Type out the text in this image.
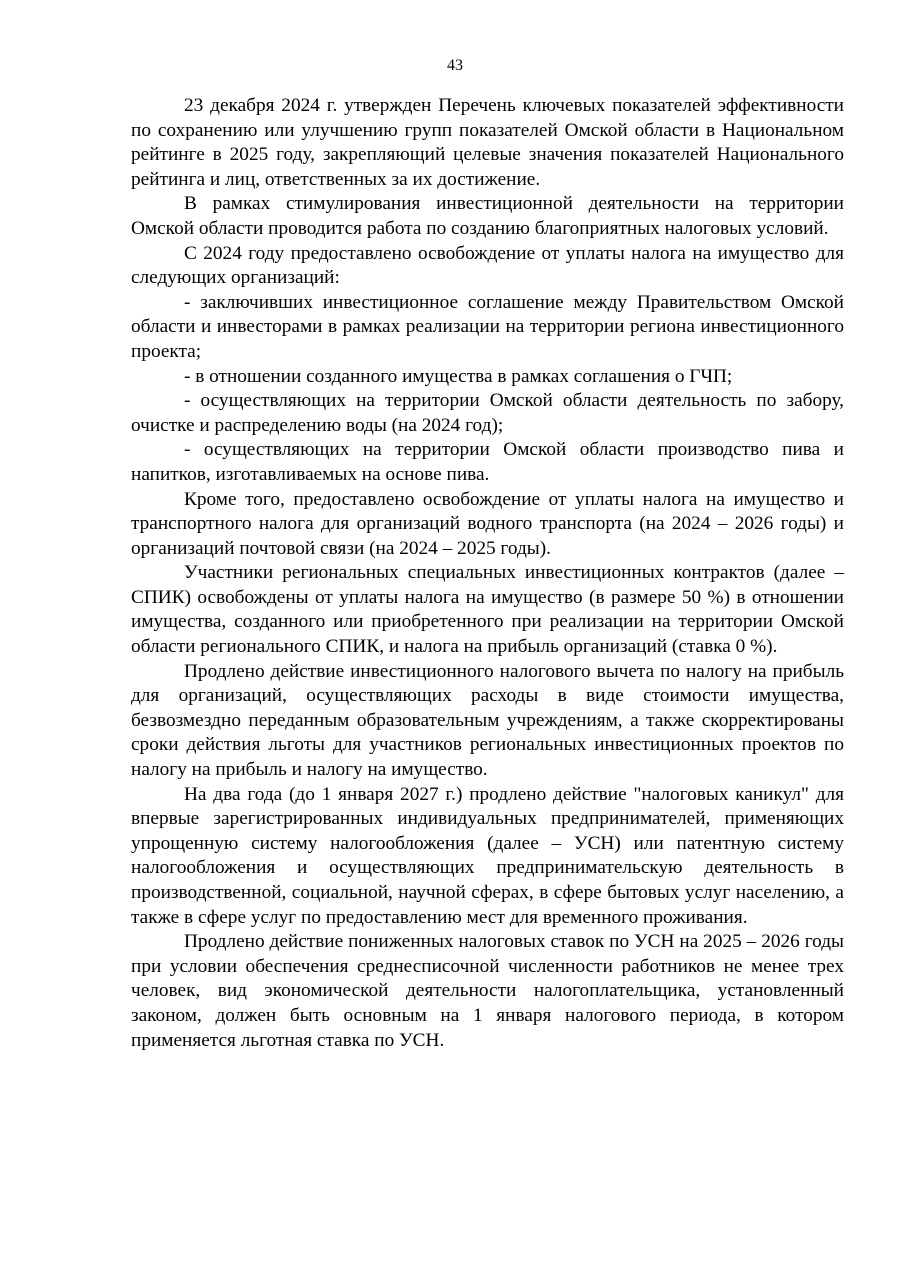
43

23 декабря 2024 г. утвержден Перечень ключевых показателей эффективности по сохранению или улучшению групп показателей Омской области в Национальном рейтинге в 2025 году, закрепляющий целевые значения показателей Национального рейтинга и лиц, ответственных за их достижение.

В рамках стимулирования инвестиционной деятельности на территории Омской области проводится работа по созданию благоприятных налоговых условий.

С 2024 году предоставлено освобождение от уплаты налога на имущество для следующих организаций:

- заключивших инвестиционное соглашение между Правительством Омской области и инвесторами в рамках реализации на территории региона инвестиционного проекта;

- в отношении созданного имущества в рамках соглашения о ГЧП;

- осуществляющих на территории Омской области деятельность по забору, очистке и распределению воды (на 2024 год);

- осуществляющих на территории Омской области производство пива и напитков, изготавливаемых на основе пива.

Кроме того, предоставлено освобождение от уплаты налога на имущество и транспортного налога для организаций водного транспорта (на 2024 – 2026 годы) и организаций почтовой связи (на 2024 – 2025 годы).

Участники региональных специальных инвестиционных контрактов (далее – СПИК) освобождены от уплаты налога на имущество (в размере 50 %) в отношении имущества, созданного или приобретенного при реализации на территории Омской области регионального СПИК, и налога на прибыль организаций (ставка 0 %).

Продлено действие инвестиционного налогового вычета по налогу на прибыль для организаций, осуществляющих расходы в виде стоимости имущества, безвозмездно переданным образовательным учреждениям, а также скорректированы сроки действия льготы для участников региональных инвестиционных проектов по налогу на прибыль и налогу на имущество.

На два года (до 1 января 2027 г.) продлено действие "налоговых каникул" для впервые зарегистрированных индивидуальных предпринимателей, применяющих упрощенную систему налогообложения (далее – УСН) или патентную систему налогообложения и осуществляющих предпринимательскую деятельность в производственной, социальной, научной сферах, в сфере бытовых услуг населению, а также в сфере услуг по предоставлению мест для временного проживания.

Продлено действие пониженных налоговых ставок по УСН на 2025 – 2026 годы при условии обеспечения среднесписочной численности работников не менее трех человек, вид экономической деятельности налогоплательщика, установленный законом, должен быть основным на 1 января налогового периода, в котором применяется льготная ставка по УСН.
